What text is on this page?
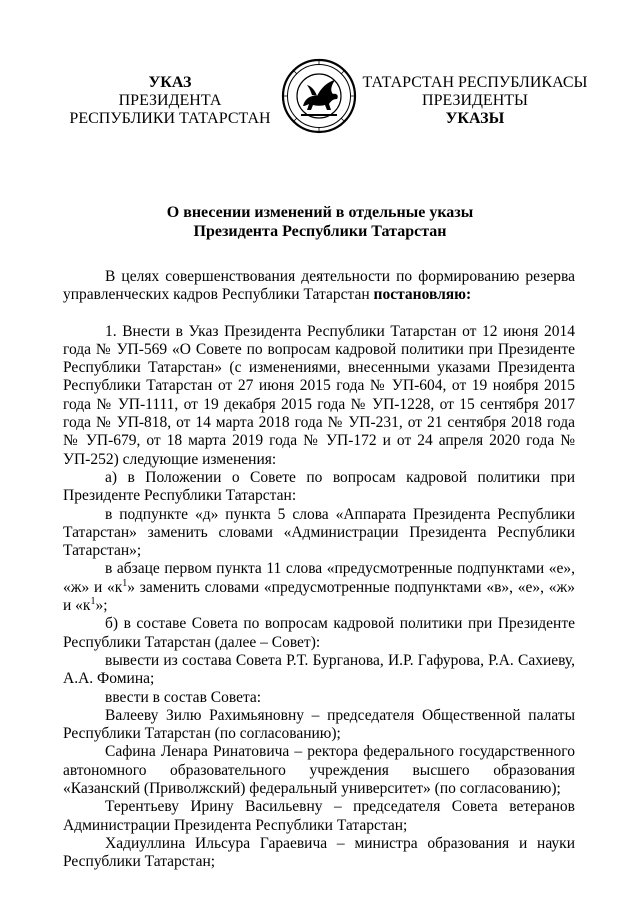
УКАЗ
ПРЕЗИДЕНТА
РЕСПУБЛИКИ ТАТАРСТАН
ТАТАРСТАН РЕСПУБЛИКАСЫ
ПРЕЗИДЕНТЫ
УКАЗЫ
О внесении изменений в отдельные указы
Президента Республики Татарстан

В целях совершенствования деятельности по формированию резерва управленческих кадров Республики Татарстан постановляю:

1. Внести в Указ Президента Республики Татарстан от 12 июня 2014 года № УП-569 «О Совете по вопросам кадровой политики при Президенте Республики Татарстан» (с изменениями, внесенными указами Президента Республики Татарстан от 27 июня 2015 года № УП-604, от 19 ноября 2015 года № УП-1111, от 19 декабря 2015 года № УП-1228, от 15 сентября 2017 года № УП-818, от 14 марта 2018 года № УП-231, от 21 сентября 2018 года № УП-679, от 18 марта 2019 года № УП-172 и от 24 апреля 2020 года № УП-252) следующие изменения:

а) в Положении о Совете по вопросам кадровой политики при Президенте Республики Татарстан:

в подпункте «д» пункта 5 слова «Аппарата Президента Республики Татарстан» заменить словами «Администрации Президента Республики Татарстан»;

в абзаце первом пункта 11 слова «предусмотренные подпунктами «е», «ж» и «$к^1$» заменить словами «предусмотренные подпунктами «в», «е», «ж» и «$к^1$»;

б) в составе Совета по вопросам кадровой политики при Президенте Республики Татарстан (далее – Совет):

вывести из состава Совета Р.Т. Бурганова, И.Р. Гафурова, Р.А. Сахиеву, А.А. Фомина;

ввести в состав Совета:

Валееву Зилю Рахимьяновну – председателя Общественной палаты Республики Татарстан (по согласованию);

Сафина Ленара Ринатовича – ректора федерального государственного автономного образовательного учреждения высшего образования «Казанский (Приволжский) федеральный университет» (по согласованию);

Терентьеву Ирину Васильевну – председателя Совета ветеранов Администрации Президента Республики Татарстан;

Хадиуллина Ильсура Гараевича – министра образования и науки Республики Татарстан;
